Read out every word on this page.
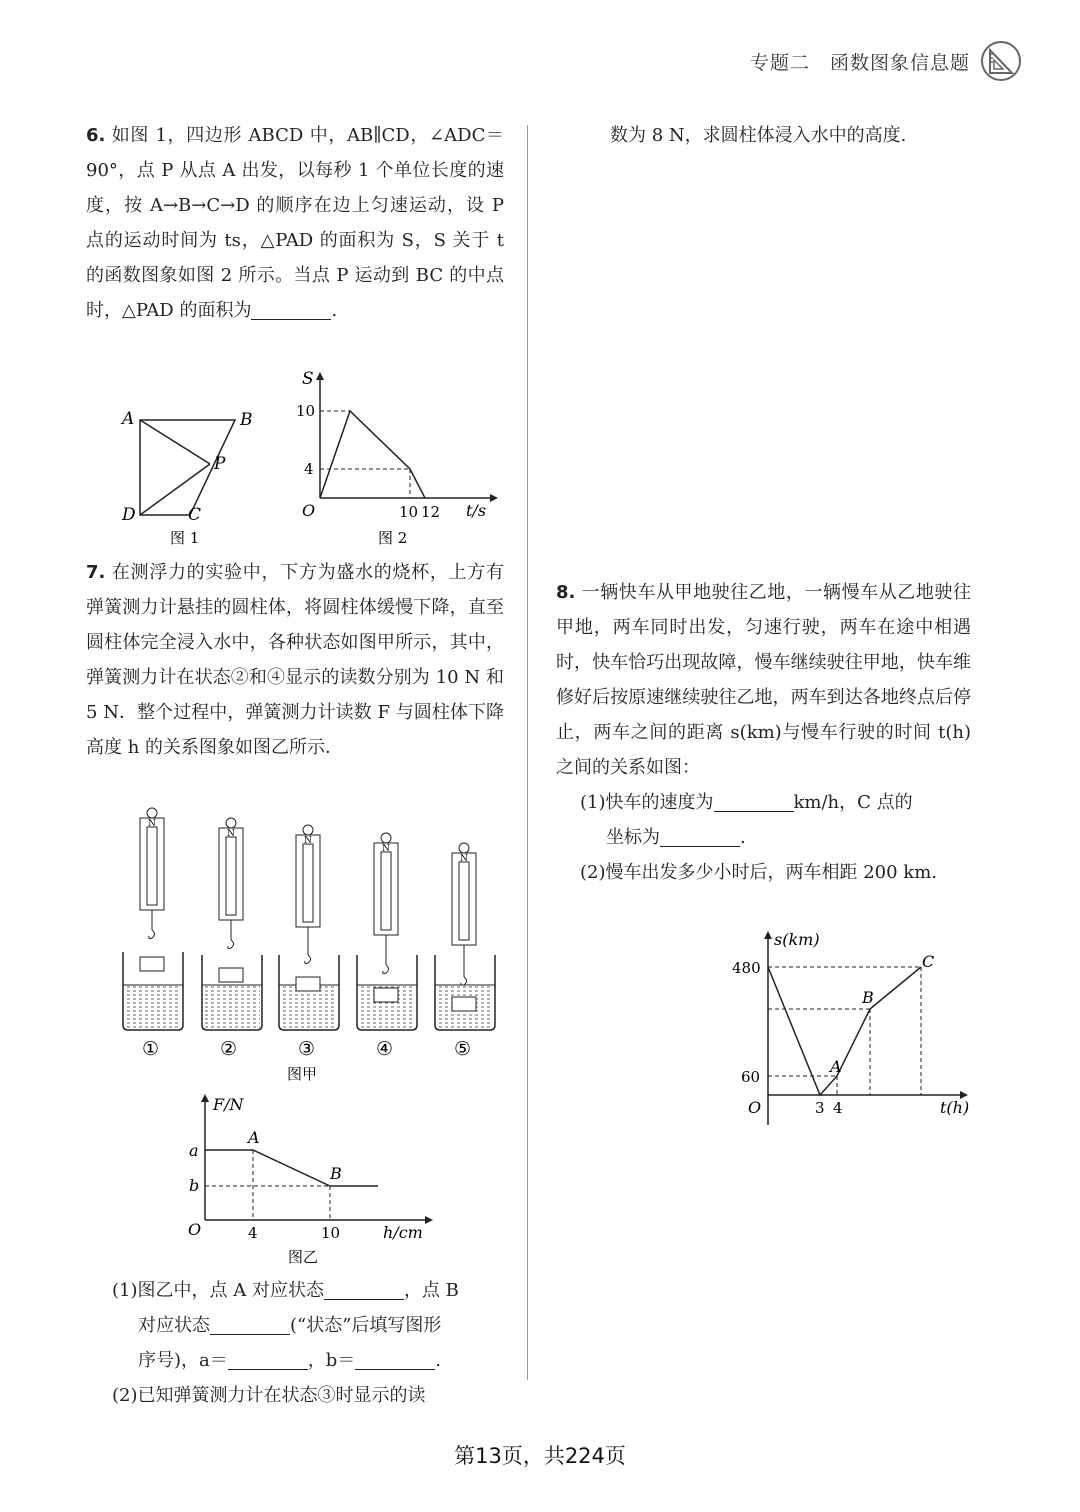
专题二　函数图象信息题

6. 如图 1，四边形 ABCD 中，AB∥CD，∠ADC＝90°，点 P 从点 A 出发，以每秒 1 个单位长度的速度，按 A→B→C→D 的顺序在边上匀速运动，设 P 点的运动时间为 ts，△PAD 的面积为 S，S 关于 t 的函数图象如图 2 所示。当点 P 运动到 BC 的中点时，△PAD 的面积为	.

A	B
C
D
P
图 1
S
10
4
O	10 12 t/s
图 2

7. 在测浮力的实验中，下方为盛水的烧杯，上方有弹簧测力计悬挂的圆柱体，将圆柱体缓慢下降，直至圆柱体完全浸入水中，各种状态如图甲所示，其中，弹簧测力计在状态②和④显示的读数分别为 10 N 和 5 N．整个过程中，弹簧测力计读数 F 与圆柱体下降高度 h 的关系图象如图乙所示．

N
N
N
N
N
①	②	③	④	⑤
图甲
F/N
a
b
A
B
O	4	10	h/cm
图乙

(1)图乙中，点 A 对应状态	，点 B
对应状态	(“状态”后填写图形
序号)，a＝	，b＝	.

(2)已知弹簧测力计在状态③时显示的读

数为 8 N，求圆柱体浸入水中的高度.

8. 一辆快车从甲地驶往乙地，一辆慢车从乙地驶往甲地，两车同时出发，匀速行驶，两车在途中相遇时，快车恰巧出现故障，慢车继续驶往甲地，快车维修好后按原速继续驶往乙地，两车到达各地终点后停止，两车之间的距离 s(km)与慢车行驶的时间 t(h)之间的关系如图：

(1)快车的速度为	km/h，C 点的
坐标为	.

(2)慢车出发多少小时后，两车相距 200 km.

s(km)
480
60
O	3 4	t(h)
A
B
C
第13页，共224页
